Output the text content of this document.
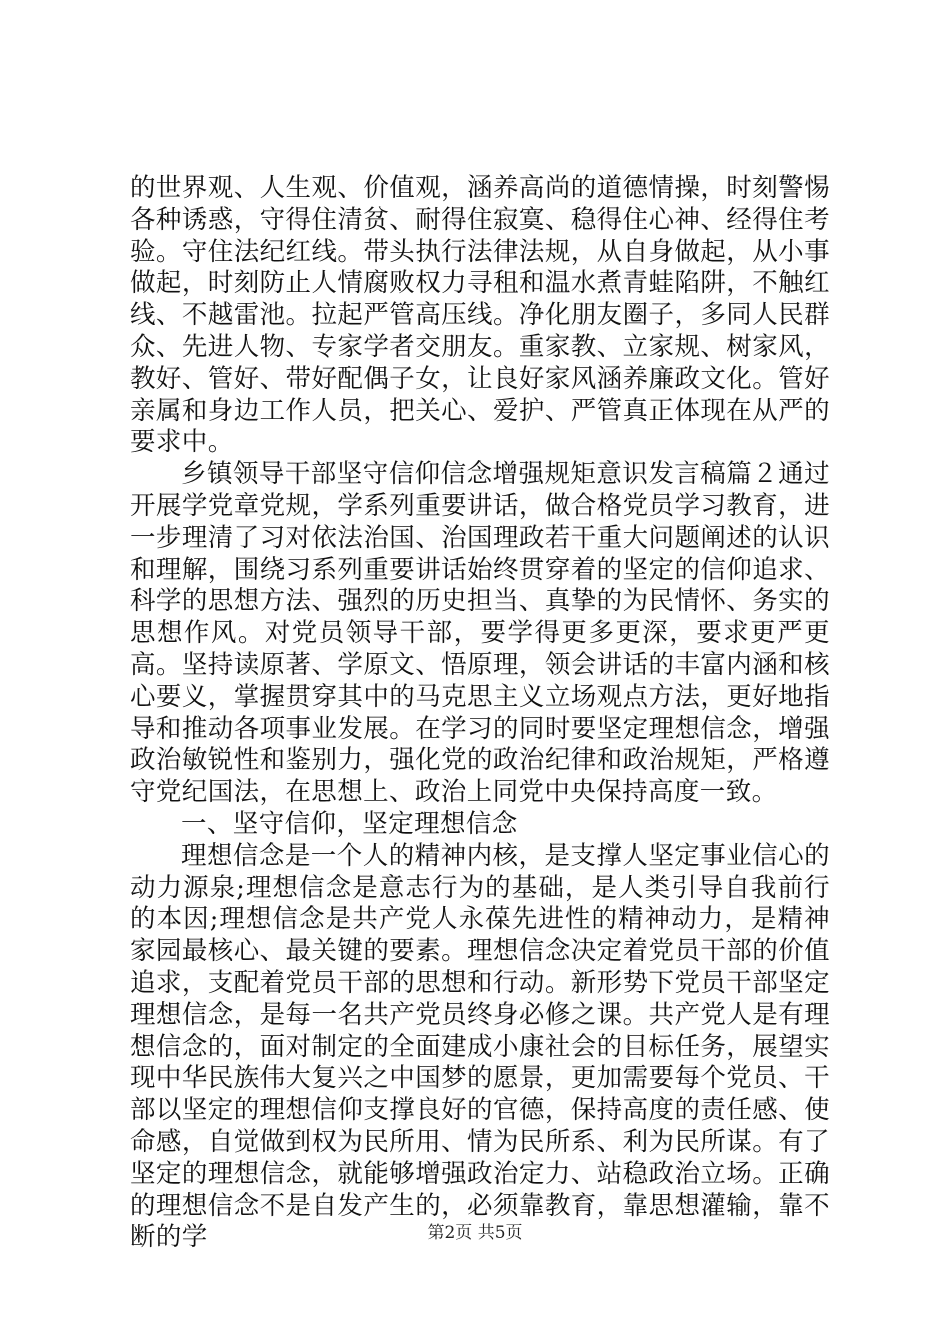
的世界观、人生观、价值观，涵养高尚的道德情操，时刻警惕各种诱惑，守得住清贫、耐得住寂寞、稳得住心神、经得住考验。守住法纪红线。带头执行法律法规，从自身做起，从小事做起，时刻防止人情腐败权力寻租和温水煮青蛙陷阱，不触红线、不越雷池。拉起严管高压线。净化朋友圈子，多同人民群众、先进人物、专家学者交朋友。重家教、立家规、树家风，教好、管好、带好配偶子女，让良好家风涵养廉政文化。管好亲属和身边工作人员，把关心、爱护、严管真正体现在从严的要求中。

乡镇领导干部坚守信仰信念增强规矩意识发言稿篇２通过开展学党章党规，学系列重要讲话，做合格党员学习教育，进一步理清了习对依法治国、治国理政若干重大问题阐述的认识和理解，围绕习系列重要讲话始终贯穿着的坚定的信仰追求、科学的思想方法、强烈的历史担当、真挚的为民情怀、务实的思想作风。对党员领导干部，要学得更多更深，要求更严更高。坚持读原著、学原文、悟原理，领会讲话的丰富内涵和核心要义，掌握贯穿其中的马克思主义立场观点方法，更好地指导和推动各项事业发展。在学习的同时要坚定理想信念，增强政治敏锐性和鉴别力，强化党的政治纪律和政治规矩，严格遵守党纪国法，在思想上、政治上同党中央保持高度一致。

一、坚守信仰，坚定理想信念

理想信念是一个人的精神内核，是支撑人坚定事业信心的动力源泉;理想信念是意志行为的基础，是人类引导自我前行的本因;理想信念是共产党人永葆先进性的精神动力，是精神家园最核心、最关键的要素。理想信念决定着党员干部的价值追求，支配着党员干部的思想和行动。新形势下党员干部坚定理想信念，是每一名共产党员终身必修之课。共产党人是有理想信念的，面对制定的全面建成小康社会的目标任务，展望实现中华民族伟大复兴之中国梦的愿景，更加需要每个党员、干部以坚定的理想信仰支撑良好的官德，保持高度的责任感、使命感，自觉做到权为民所用、情为民所系、利为民所谋。有了坚定的理想信念，就能够增强政治定力、站稳政治立场。正确的理想信念不是自发产生的，必须靠教育，靠思想灌输，靠不断的学	第2页 共5页
